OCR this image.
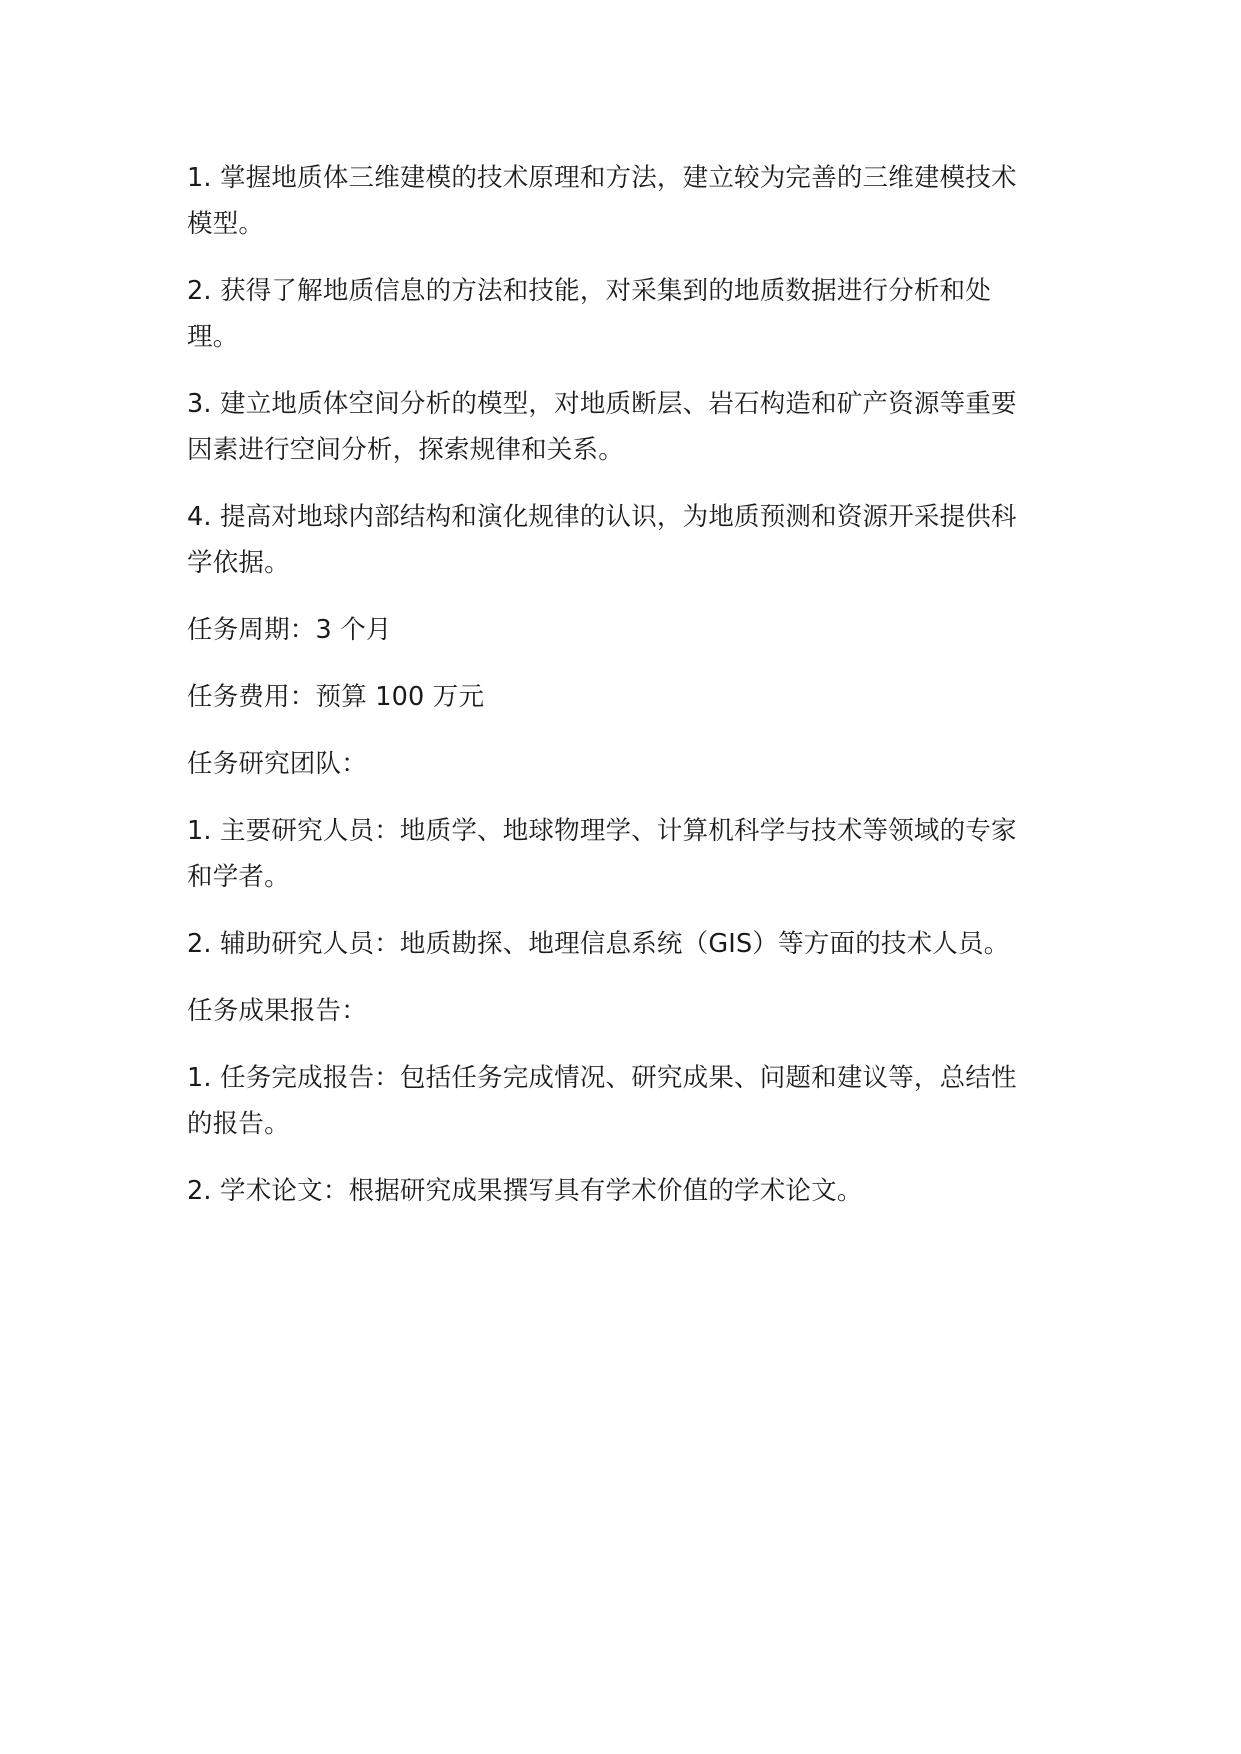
1. 掌握地质体三维建模的技术原理和方法，建立较为完善的三维建模技术模型。

2. 获得了解地质信息的方法和技能，对采集到的地质数据进行分析和处理。

3. 建立地质体空间分析的模型，对地质断层、岩石构造和矿产资源等重要因素进行空间分析，探索规律和关系。

4. 提高对地球内部结构和演化规律的认识，为地质预测和资源开采提供科学依据。

任务周期：3 个月

任务费用：预算 100 万元

任务研究团队：

1. 主要研究人员：地质学、地球物理学、计算机科学与技术等领域的专家和学者。

2. 辅助研究人员：地质勘探、地理信息系统（GIS）等方面的技术人员。

任务成果报告：

1. 任务完成报告：包括任务完成情况、研究成果、问题和建议等，总结性的报告。

2. 学术论文：根据研究成果撰写具有学术价值的学术论文。
